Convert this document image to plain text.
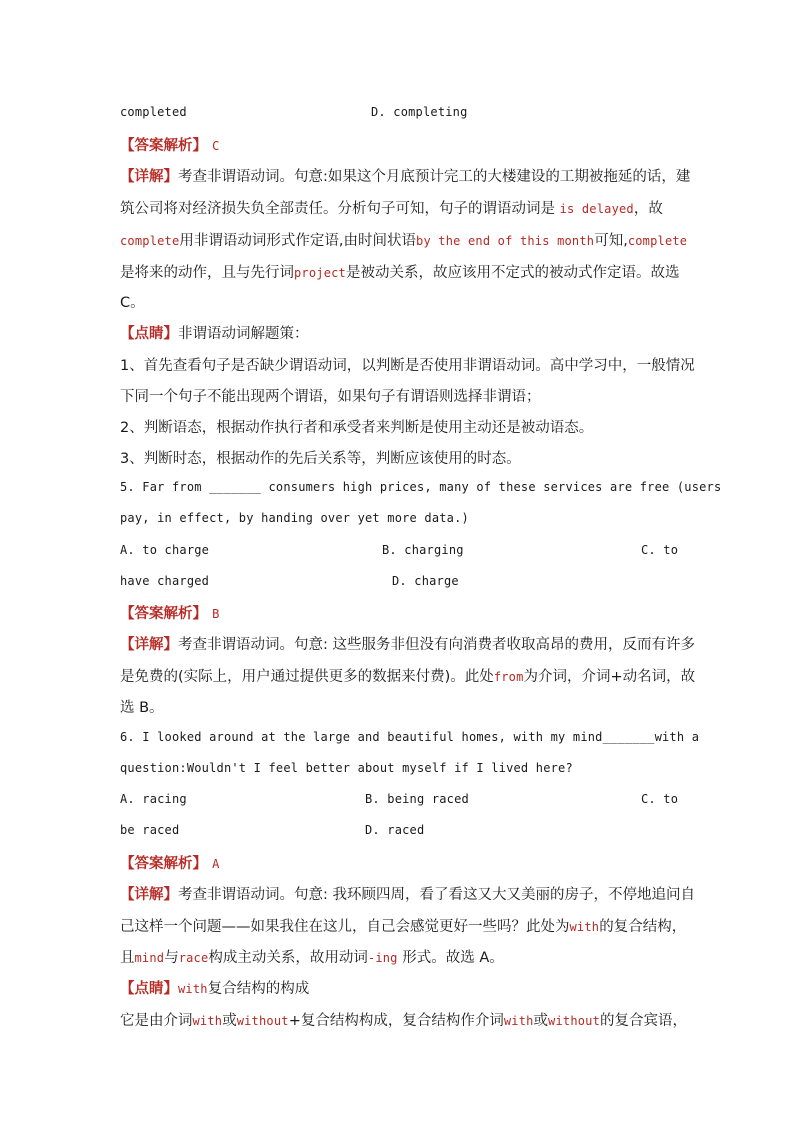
completed	D. completing
【答案解析】 C
【详解】考查非谓语动词。句意:如果这个月底预计完工的大楼建设的工期被拖延的话，建
筑公司将对经济损失负全部责任。分析句子可知，句子的谓语动词是 is delayed，故
complete用非谓语动词形式作定语,由时间状语by the end of this month可知,complete
是将来的动作，且与先行词project是被动关系，故应该用不定式的被动式作定语。故选
C。
【点睛】非谓语动词解题策：
1、首先查看句子是否缺少谓语动词，以判断是否使用非谓语动词。高中学习中，一般情况
下同一个句子不能出现两个谓语，如果句子有谓语则选择非谓语；
2、判断语态，根据动作执行者和承受者来判断是使用主动还是被动语态。
3、判断时态，根据动作的先后关系等，判断应该使用的时态。
5. Far from _______ consumers high prices, many of these services are free (users
pay, in effect, by handing over yet more data.)
A. to charge	B. charging	C. to
have charged	D. charge
【答案解析】 B
【详解】考查非谓语动词。句意: 这些服务非但没有向消费者收取高昂的费用，反而有许多
是免费的(实际上，用户通过提供更多的数据来付费)。此处from为介词，介词+动名词，故
选 B。
6. I looked around at the large and beautiful homes, with my mind_______with a
question:Wouldn't I feel better about myself if I lived here?
A. racing	B. being raced	C. to
be raced	D. raced
【答案解析】 A
【详解】考查非谓语动词。句意: 我环顾四周，看了看这又大又美丽的房子，不停地追问自
己这样一个问题——如果我住在这儿，自己会感觉更好一些吗？此处为with的复合结构，
且mind与race构成主动关系，故用动词-ing 形式。故选 A。
【点睛】with复合结构的构成
它是由介词with或without+复合结构构成，复合结构作介词with或without的复合宾语，
